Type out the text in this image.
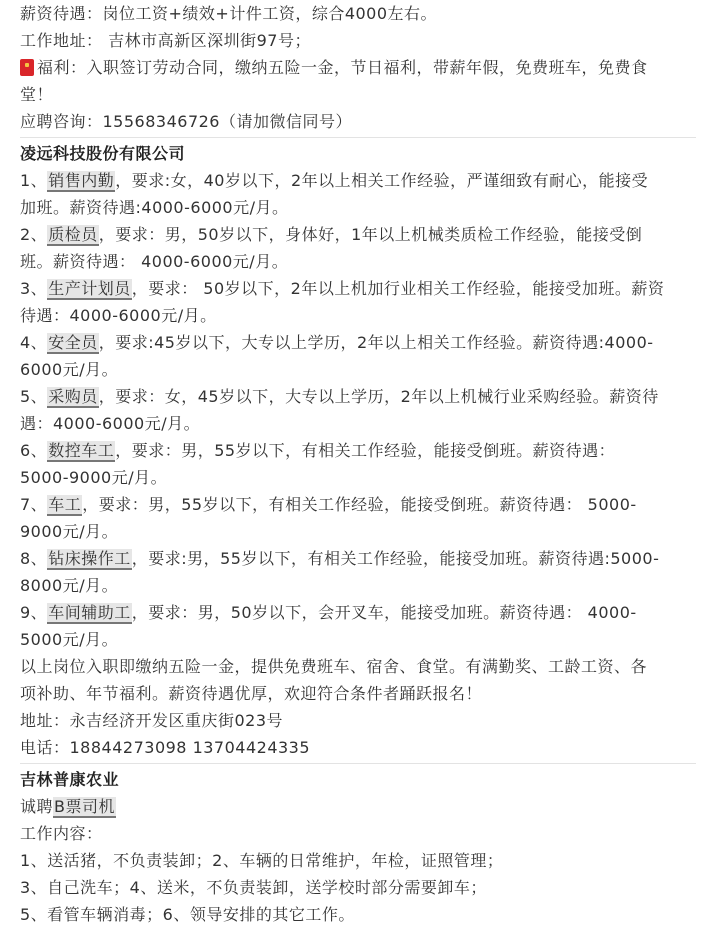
薪资待遇：岗位工资+绩效+计件工资，综合4000左右。
工作地址： 吉林市高新区深圳街97号；
福利：入职签订劳动合同，缴纳五险一金，节日福利，带薪年假，免费班车，免费食
堂！
应聘咨询：15568346726（请加微信同号）
凌远科技股份有限公司
1、销售内勤，要求:女，40岁以下，2年以上相关工作经验，严谨细致有耐心，能接受
加班。薪资待遇:4000-6000元/月。
2、质检员，要求：男，50岁以下，身体好，1年以上机械类质检工作经验，能接受倒
班。薪资待遇： 4000-6000元/月。
3、生产计划员，要求： 50岁以下，2年以上机加行业相关工作经验，能接受加班。薪资
待遇：4000-6000元/月。
4、安全员，要求:45岁以下，大专以上学历，2年以上相关工作经验。薪资待遇:4000-
6000元/月。
5、采购员，要求：女，45岁以下，大专以上学历，2年以上机械行业采购经验。薪资待
遇：4000-6000元/月。
6、数控车工，要求：男，55岁以下，有相关工作经验，能接受倒班。薪资待遇：
5000-9000元/月。
7、车工，要求：男，55岁以下，有相关工作经验，能接受倒班。薪资待遇： 5000-
9000元/月。
8、钻床操作工，要求:男，55岁以下，有相关工作经验，能接受加班。薪资待遇:5000-
8000元/月。
9、车间辅助工，要求：男，50岁以下，会开叉车，能接受加班。薪资待遇： 4000-
5000元/月。
以上岗位入职即缴纳五险一金，提供免费班车、宿舍、食堂。有满勤奖、工龄工资、各
项补助、年节福利。薪资待遇优厚，欢迎符合条件者踊跃报名！
地址：永吉经济开发区重庆街023号
电话：18844273098 13704424335
吉林普康农业
诚聘B票司机
工作内容：
1、送活猪，不负责装卸；2、车辆的日常维护，年检，证照管理；
3、自己洗车；4、送米，不负责装卸，送学校时部分需要卸车；
5、看管车辆消毒；6、领导安排的其它工作。
